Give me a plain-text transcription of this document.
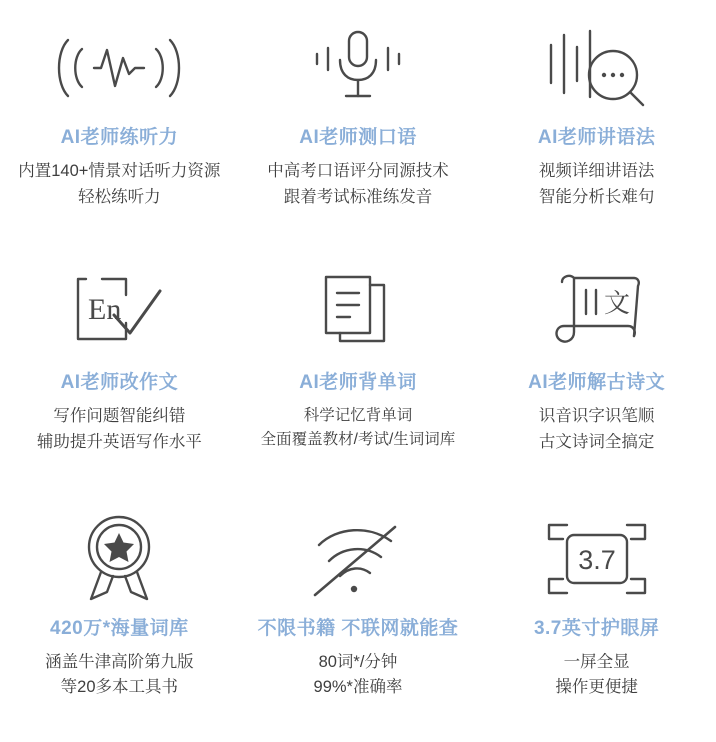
AI老师练听力
内置140+情景对话听力资源
轻松练听力
AI老师测口语
中高考口语评分同源技术
跟着考试标准练发音
AI老师讲语法
视频详细讲语法
智能分析长难句
En
AI老师改作文
写作问题智能纠错
辅助提升英语写作水平
AI老师背单词
科学记忆背单词
全面覆盖教材/考试/生词词库
文
AI老师解古诗文
识音识字识笔顺
古文诗词全搞定
420万*海量词库
涵盖牛津高阶第九版
等20多本工具书
不限书籍 不联网就能查
80词*/分钟
99%*准确率
3.7
3.7英寸护眼屏
一屏全显
操作更便捷
